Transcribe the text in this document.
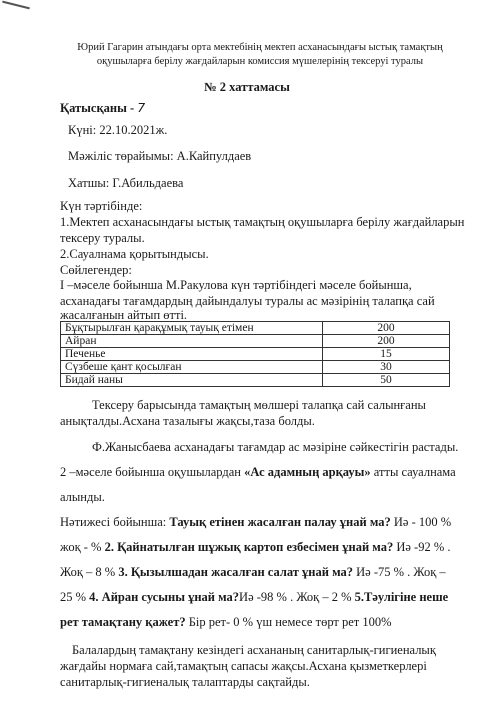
Юрий Гагарин атындағы орта мектебінің мектеп асханасындағы ыстық тамақтың оқушыларға берілу жағдайларын комиссия мүшелерінің тексеруі туралы
№ 2 хаттамасы
Қатысқаны - 7
Күні: 22.10.2021ж.
Мәжіліс төрайымы: А.Кайпулдаев
Хатшы: Г.Абильдаева
Күн тәртібінде:
1.Мектеп асханасындағы ыстық тамақтың оқушыларға берілу жағдайларын
тексеру туралы.
2.Сауалнама қорытындысы.
Сөйлегендер:
І –мәселе бойынша М.Ракулова күн тәртібіндегі мәселе бойынша,
асханадағы тағамдардың дайындалуы туралы ас мәзірінің талапқа сай
жасалғанын айтып өтті.
Бұқтырылған қарақұмық тауық етімен	200
Айран	200
Печенье	15
Сүзбеше қант қосылған	30
Бидай наны	50
Тексеру барысында тамақтың мөлшері талапқа сай салынғаны
анықталды.Асхана тазалығы жақсы,таза болды.
Ф.Жанысбаева асханадағы тағамдар ас мәзіріне сәйкестігін растады.
2 –мәселе бойынша оқушылардан «Ас адамның арқауы» атты сауалнама
алынды.
Нәтижесі бойынша: Тауық етінен жасалған палау ұнай ма? Иә - 100 %
жоқ - % 2. Қайнатылған шұжық картоп езбесімен ұнай ма? Иә -92 % .
Жоқ – 8 % 3. Қызылшадан жасалған салат ұнай ма? Иә -75 % . Жоқ –
25 % 4. Айран сусыны ұнай ма?Иә -98 % . Жоқ – 2 % 5.Тәулігіне неше
рет тамақтану қажет? Бір рет- 0 % үш немесе төрт рет 100%
Балалардың тамақтану кезіндегі асхананың санитарлық-гигиеналық
жағдайы нормаға сай,тамақтың сапасы жақсы.Асхана қызметкерлері
санитарлық-гигиеналық талаптарды сақтайды.
